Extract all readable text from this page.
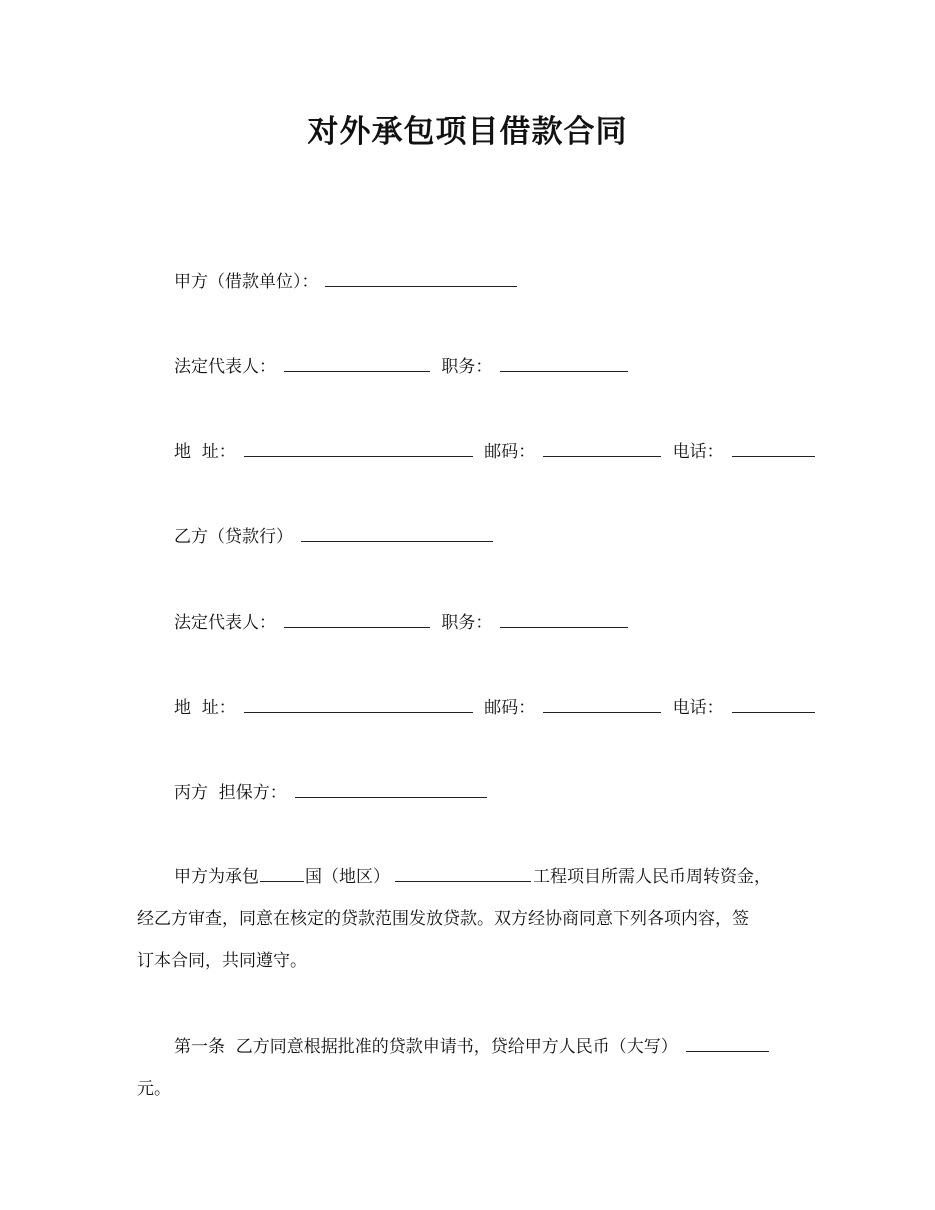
对外承包项目借款合同
甲方（借款单位）：
法定代表人：	职务：
地  址：	邮码：	电话：
乙方（贷款行）
法定代表人：	职务：
地  址：	邮码：	电话：
丙方  担保方：
甲方为承包	国（地区）	工程项目所需人民币周转资金，
经乙方审查，同意在核定的贷款范围发放贷款。双方经协商同意下列各项内容，签
订本合同，共同遵守。
第一条  乙方同意根据批准的贷款申请书，贷给甲方人民币（大写）
元。
